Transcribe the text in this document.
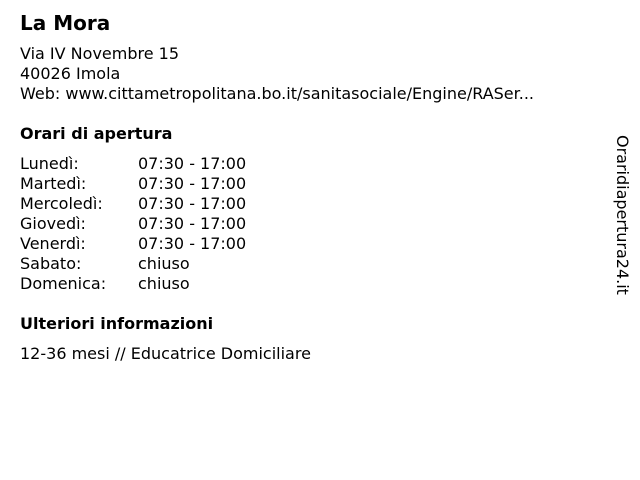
La Mora
Via IV Novembre 15
40026 Imola
Web: www.cittametropolitana.bo.it/sanitasociale/Engine/RASer...
Orari di apertura
Lunedì:	07:30 - 17:00
Martedì:	07:30 - 17:00
Mercoledì:	07:30 - 17:00
Giovedì:	07:30 - 17:00
Venerdì:	07:30 - 17:00
Sabato:	chiuso
Domenica:	chiuso
Ulteriori informazioni
12-36 mesi // Educatrice Domiciliare
Oraridiapertura24.it
